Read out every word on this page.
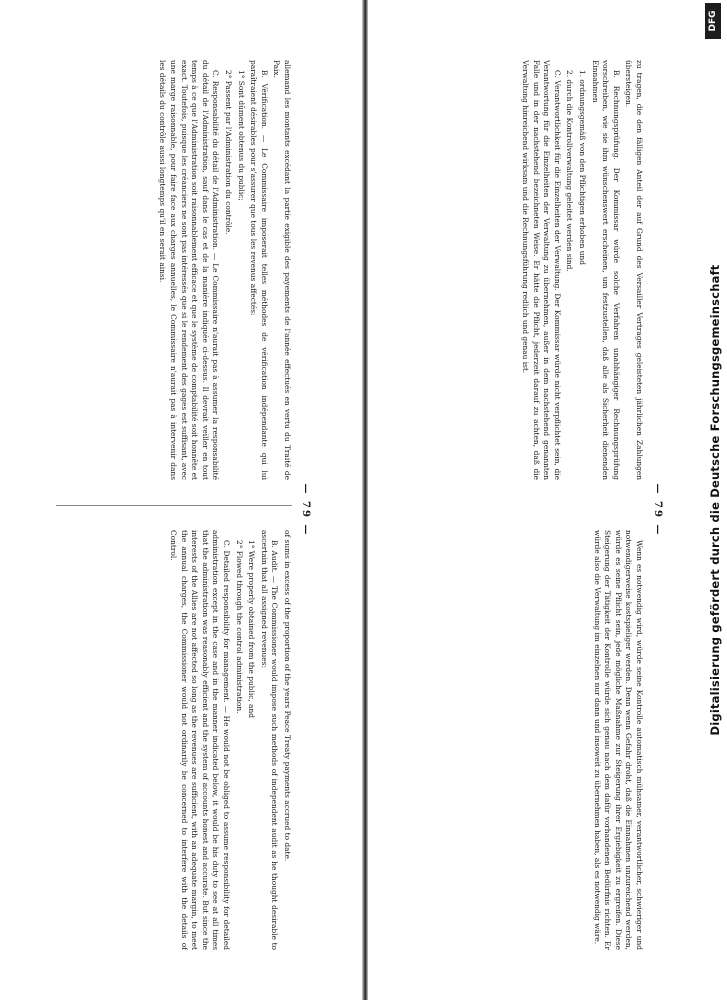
DFG
Digitalisierung gefördert durch die Deutsche Forschungsgemeinschaft
— 79 —

allemand les montants excédant la partie exigible des payements de l'année effectués en vertu du Traité de Paix.

B. Vérification. — Le Commissaire imposerait telles méthodes de vérification indépendante qui lui paraîtraient désirables pour s'assurer que tous les revenus affectés:

1° Sont dûment obtenus du public;

2° Passent par l'Administration du contrôle.

C. Responsabilité du détail de l'Administration. — Le Commissaire n'aurait pas à assumer la responsabilité du détail de l'Administration, sauf dans le cas et de la manière indiquée ci-dessus. Il devrait veiller en tout temps à ce que l'Administration soit raisonnablement efficace et que le système de comptabilité soit honnête et exact. Toutefois, puisque les créanciers ne sont pas intéressés que si le rendement des gages est suffisant, avec une marge raisonnable, pour faire face aux charges annuelles, le Commissaire n'aurait pas à intervenir dans les détails du contrôle aussi longtemps qu'il en serait ainsi.

of sums in excess of the proportion of the years Peace Treaty payments accrued to date.

B. Audit. — The Commissioner would impose such methods of independent audit as he thought desirable to ascertain that all assigned revenues:

1° Were properly obtained from the public, and

2° Flowed through the control administration.

C. Detailed responsibility for management. — He would not be obliged to assume responsibility for detailed administration except in the case and in the manner indicated below, it would be his duty to see at all times that the administration was reasonably efficient and the system of accounts honest and accurate. But since the interests of the Allies are not affected so long as the revenues are sufficient, with an adequate margin, to meet the annual charges, the Commissioner would not ordinarily be concerned to interfere with the details of Control.

— 79 —

zu tragen, die den fälligen Anteil der auf Grund des Versailler Vertrages geleisteten jährlichen Zahlungen übersteigen.

B. Rechnungsprüfung. Der Kommissar würde solche Verfahren unabhängiger Rechnungsprüfung vorschreiben, wie sie ihm wünschenswert erscheinen, um festzustellen, daß alle als Sicherheit dienenden Einnahmen

1. ordnungsgemäß von den Pflichtigen erhoben und

2. durch die Kontrollverwaltung geleitet werden sind.

C. Verantwortlichkeit für die Einzelheiten der Verwaltung. Der Kommissar würde nicht verpflichtet sein, die Verantwortung für die Einzelheiten der Verwaltung zu übernehmen, außer in dem nachstehend genannten Falle und in der nachstehend bezeichneten Weise. Er hätte die Pflicht, jederzeit darauf zu achten, daß die Verwaltung hinreichend wirksam und die Rechnungsführung redlich und genau ist.

Wenn es notwendig wird, würde seine Kontrolle automatisch mühsamer, verantwortlicher, schwieriger und notwendigerweise kostspieliger werden. Denn wenn Gefahr droht, daß die Einnahmen unzureichend werden, würde es seine Pflicht sein, jede mögliche Maßnahme zur Steigerung ihrer Ergiebigkeit zu ergreifen. Diese Steigerung der Tätigkeit der Kontrolle würde sich genau nach dem dafür vorhandenen Bedürfnis richten. Er würde also die Verwaltung im einzelnen nur dann und insoweit zu übernehmen haben, als es notwendig wäre.
